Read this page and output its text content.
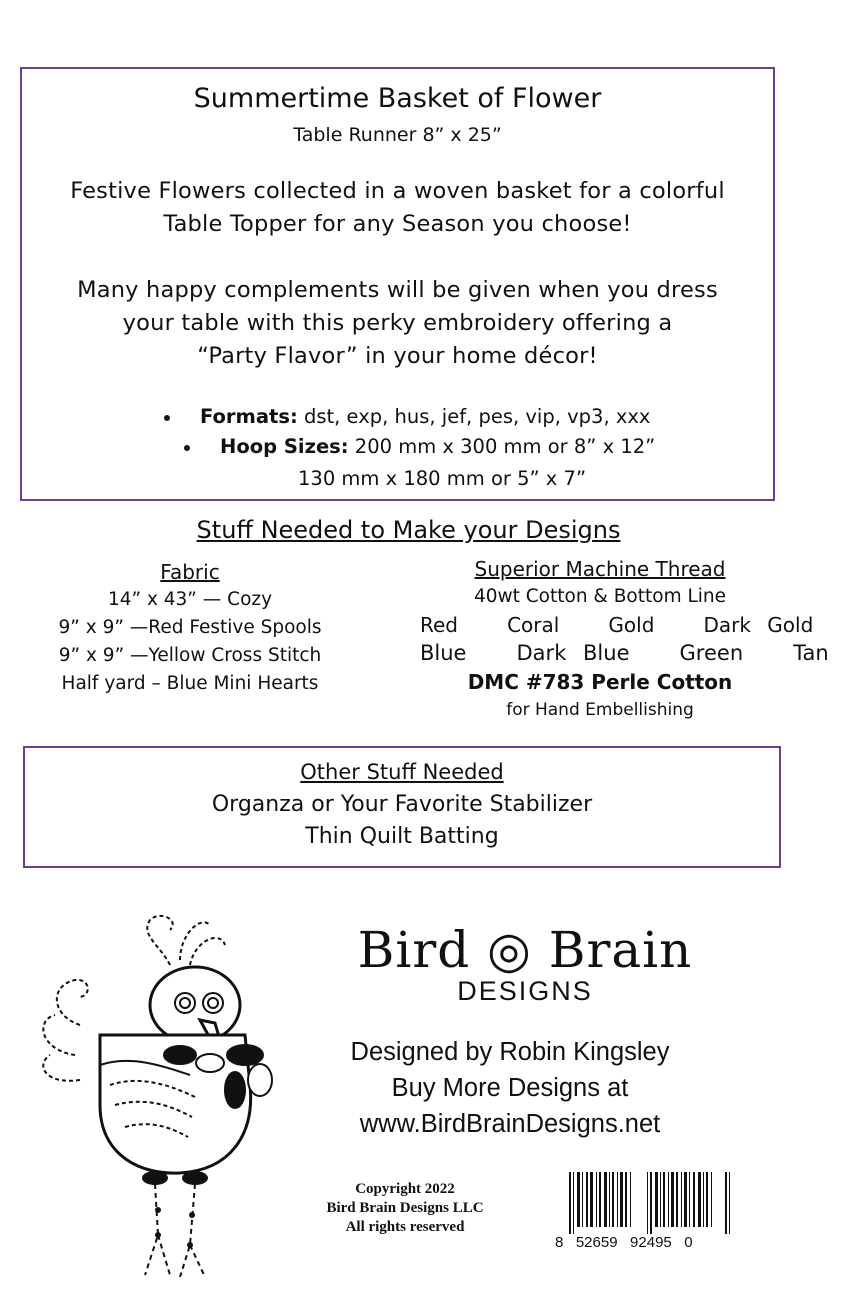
Summertime Basket of Flower
Table Runner 8” x 25”
Festive Flowers collected in a woven basket for a colorful
Table Topper for any Season you choose!
Many happy complements will be given when you dress
your table with this perky embroidery offering a
“Party Flavor” in your home décor!
Formats: dst, exp, hus, jef, pes, vip, vp3, xxx
Hoop Sizes: 200 mm x 300 mm or 8” x 12”
130 mm x 180 mm or 5” x 7”
Stuff Needed to Make your Designs
Fabric
14” x 43” — Cozy
9” x 9” —Red Festive Spools
9” x 9” —Yellow Cross Stitch
Half yard – Blue Mini Hearts
Superior Machine Thread
40wt Cotton & Bottom Line
Red Coral Gold Dark Gold
Blue Dark Blue Green Tan
DMC #783 Perle Cotton
for Hand Embellishing
Other Stuff Needed
Organza or Your Favorite Stabilizer
Thin Quilt Batting
Bird ◎ Brain
DESIGNS
Designed by Robin Kingsley
Buy More Designs at
www.BirdBrainDesigns.net
Copyright 2022
Bird Brain Designs LLC
All rights reserved
8   52659   92495   0
